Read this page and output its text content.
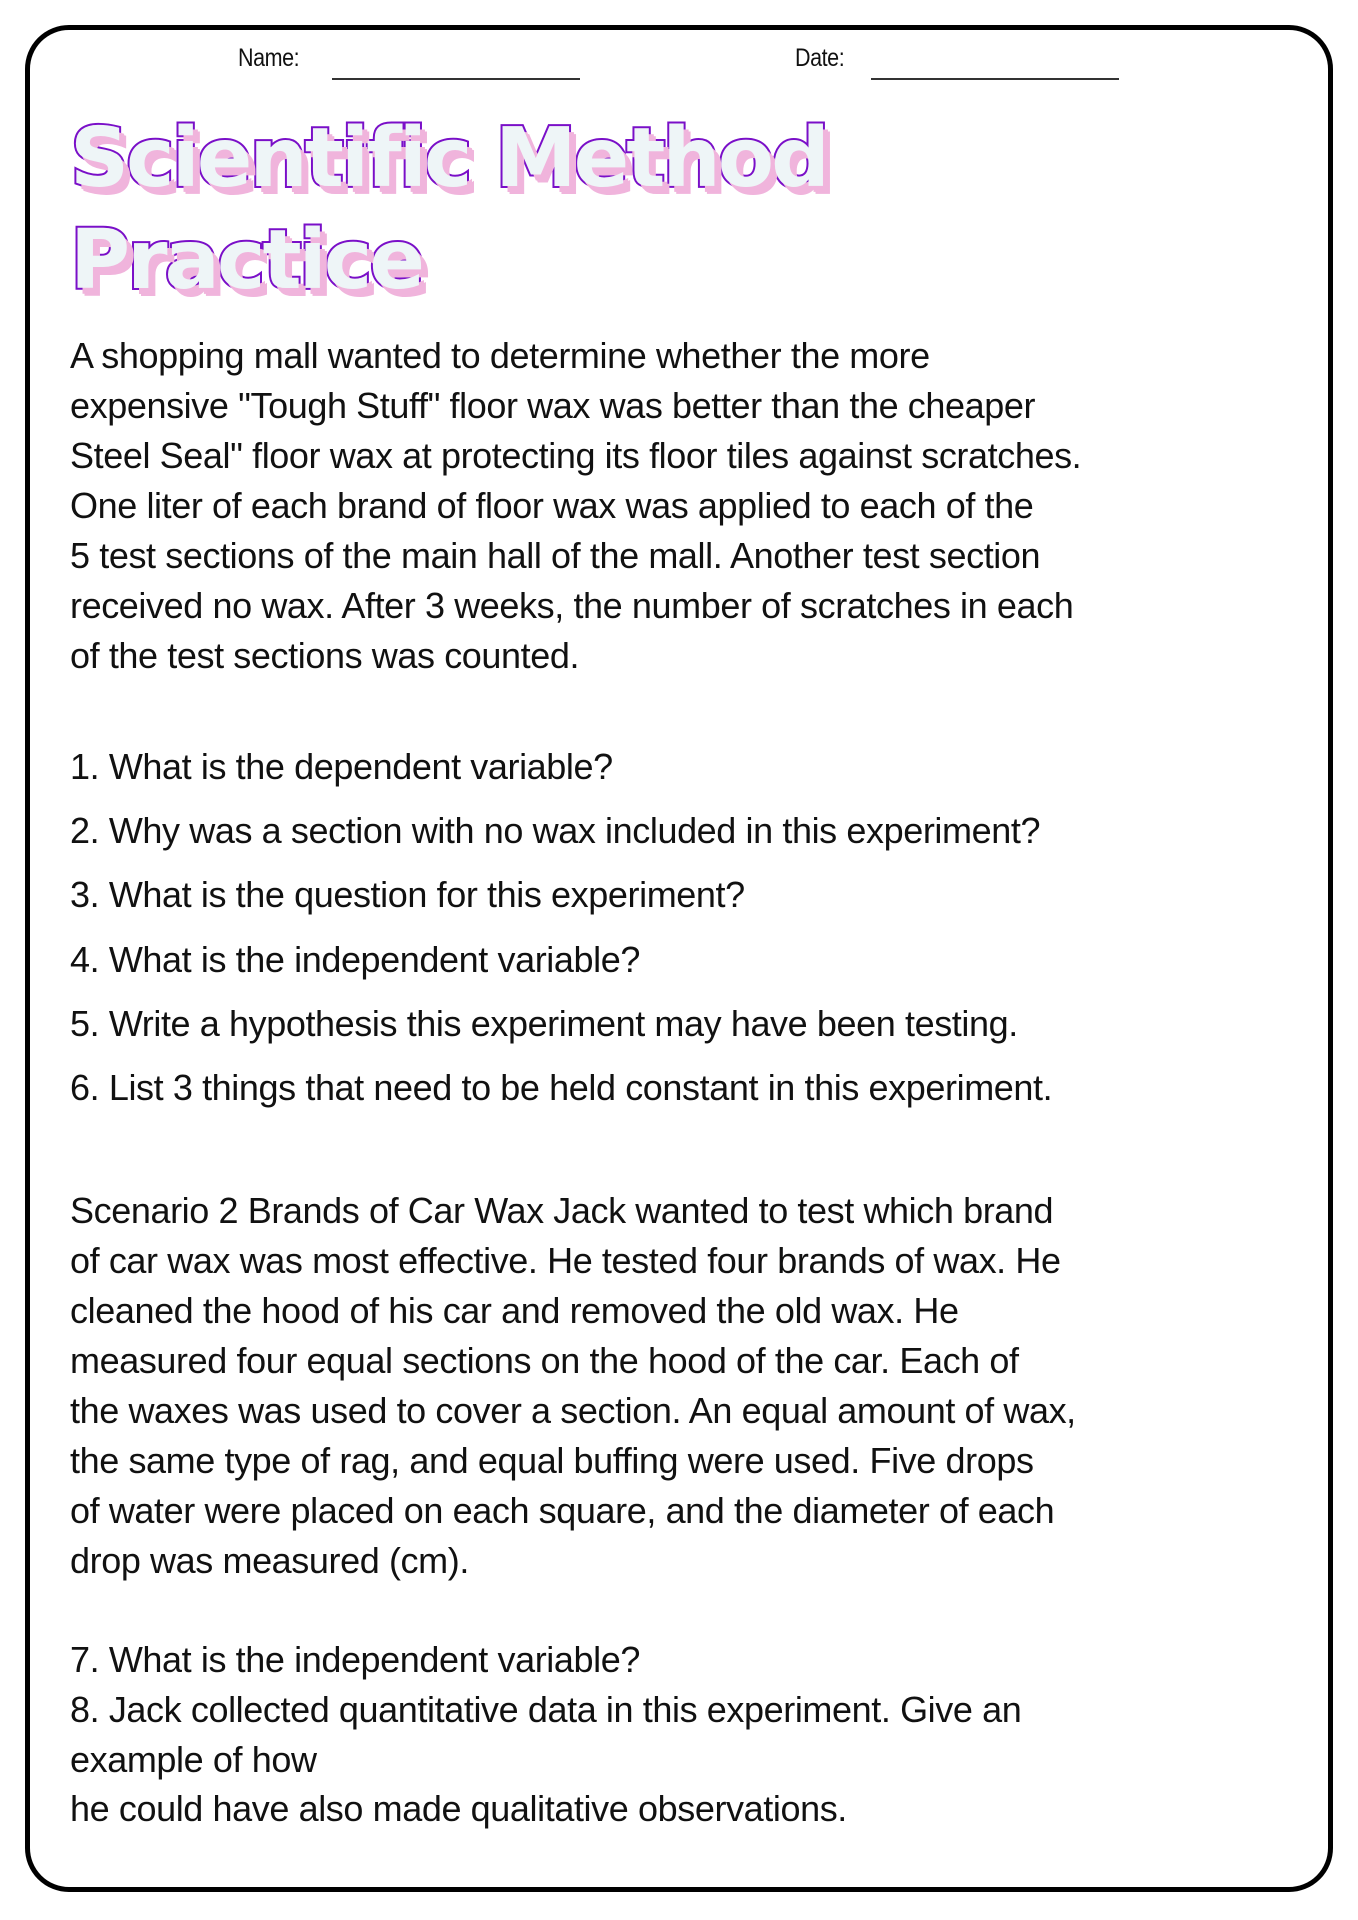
Name:	Date:
Scientific Method
Practice
A shopping mall wanted to determine whether the more
expensive "Tough Stuff" floor wax was better than the cheaper
Steel Seal" floor wax at protecting its floor tiles against scratches.
One liter of each brand of floor wax was applied to each of the
5 test sections of the main hall of the mall. Another test section
received no wax. After 3 weeks, the number of scratches in each
of the test sections was counted.
1. What is the dependent variable?
2. Why was a section with no wax included in this experiment?
3. What is the question for this experiment?
4. What is the independent variable?
5. Write a hypothesis this experiment may have been testing.
6. List 3 things that need to be held constant in this experiment.
Scenario 2 Brands of Car Wax Jack wanted to test which brand
of car wax was most effective. He tested four brands of wax. He
cleaned the hood of his car and removed the old wax. He
measured four equal sections on the hood of the car. Each of
the waxes was used to cover a section. An equal amount of wax,
the same type of rag, and equal buffing were used. Five drops
of water were placed on each square, and the diameter of each
drop was measured (cm).
7. What is the independent variable?
8. Jack collected quantitative data in this experiment. Give an
example of how
he could have also made qualitative observations.
